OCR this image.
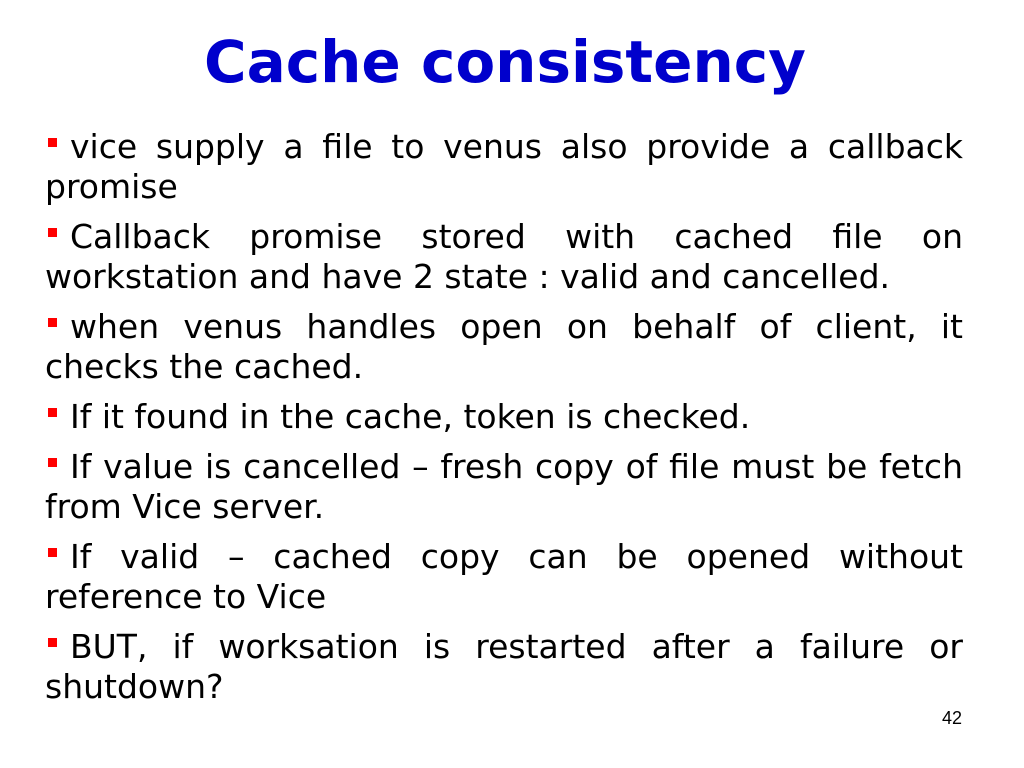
Cache consistency
vice supply a file to venus also provide a callback promise
Callback promise stored with cached file on workstation and have 2 state : valid and cancelled.
when venus handles open on behalf of client, it checks the cached.
If it found in the cache, token is checked.
If value is cancelled – fresh copy of file must be fetch from Vice server.
If valid – cached copy can be opened without reference to Vice
BUT, if worksation is restarted after a failure or shutdown?
42
